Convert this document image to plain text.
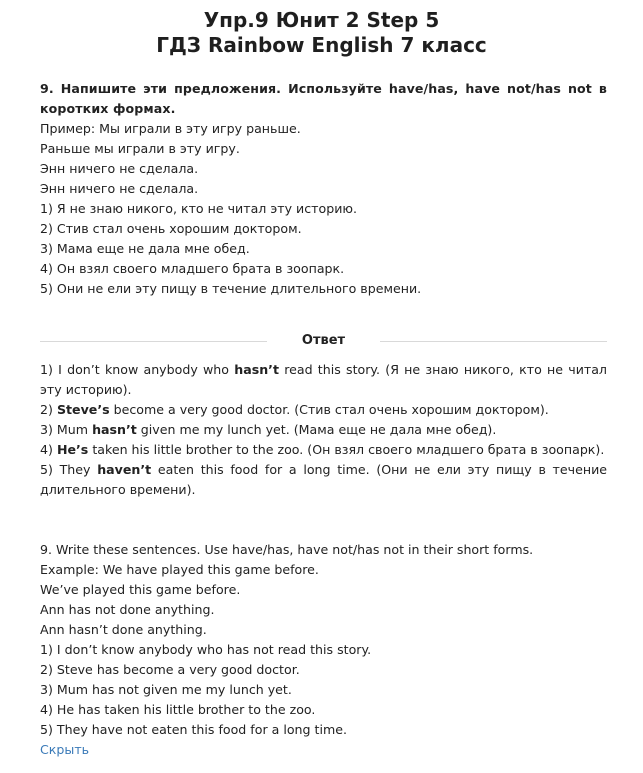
Упр.9 Юнит 2 Step 5
ГДЗ Rainbow English 7 класс
9. Напишите эти предложения. Используйте have/has, have not/has not в коротких формах.
Пример: Мы играли в эту игру раньше.
Раньше мы играли в эту игру.
Энн ничего не сделала.
Энн ничего не сделала.
1) Я не знаю никого, кто не читал эту историю.
2) Стив стал очень хорошим доктором.
3) Мама еще не дала мне обед.
4) Он взял своего младшего брата в зоопарк.
5) Они не ели эту пищу в течение длительного времени.
Ответ
1) I don’t know anybody who hasn’t read this story. (Я не знаю никого, кто не читал эту историю).
2) Steve’s become a very good doctor. (Стив стал очень хорошим доктором).
3) Mum hasn’t given me my lunch yet. (Мама еще не дала мне обед).
4) He’s taken his little brother to the zoo. (Он взял своего младшего брата в зоопарк).
5) They haven’t eaten this food for a long time. (Они не ели эту пищу в течение длительного времени).
9. Write these sentences. Use have/has, have not/has not in their short forms.
Example: We have played this game before.
We’ve played this game before.
Ann has not done anything.
Ann hasn’t done anything.
1) I don’t know anybody who has not read this story.
2) Steve has become a very good doctor.
3) Mum has not given me my lunch yet.
4) He has taken his little brother to the zoo.
5) They have not eaten this food for a long time.
Скрыть
